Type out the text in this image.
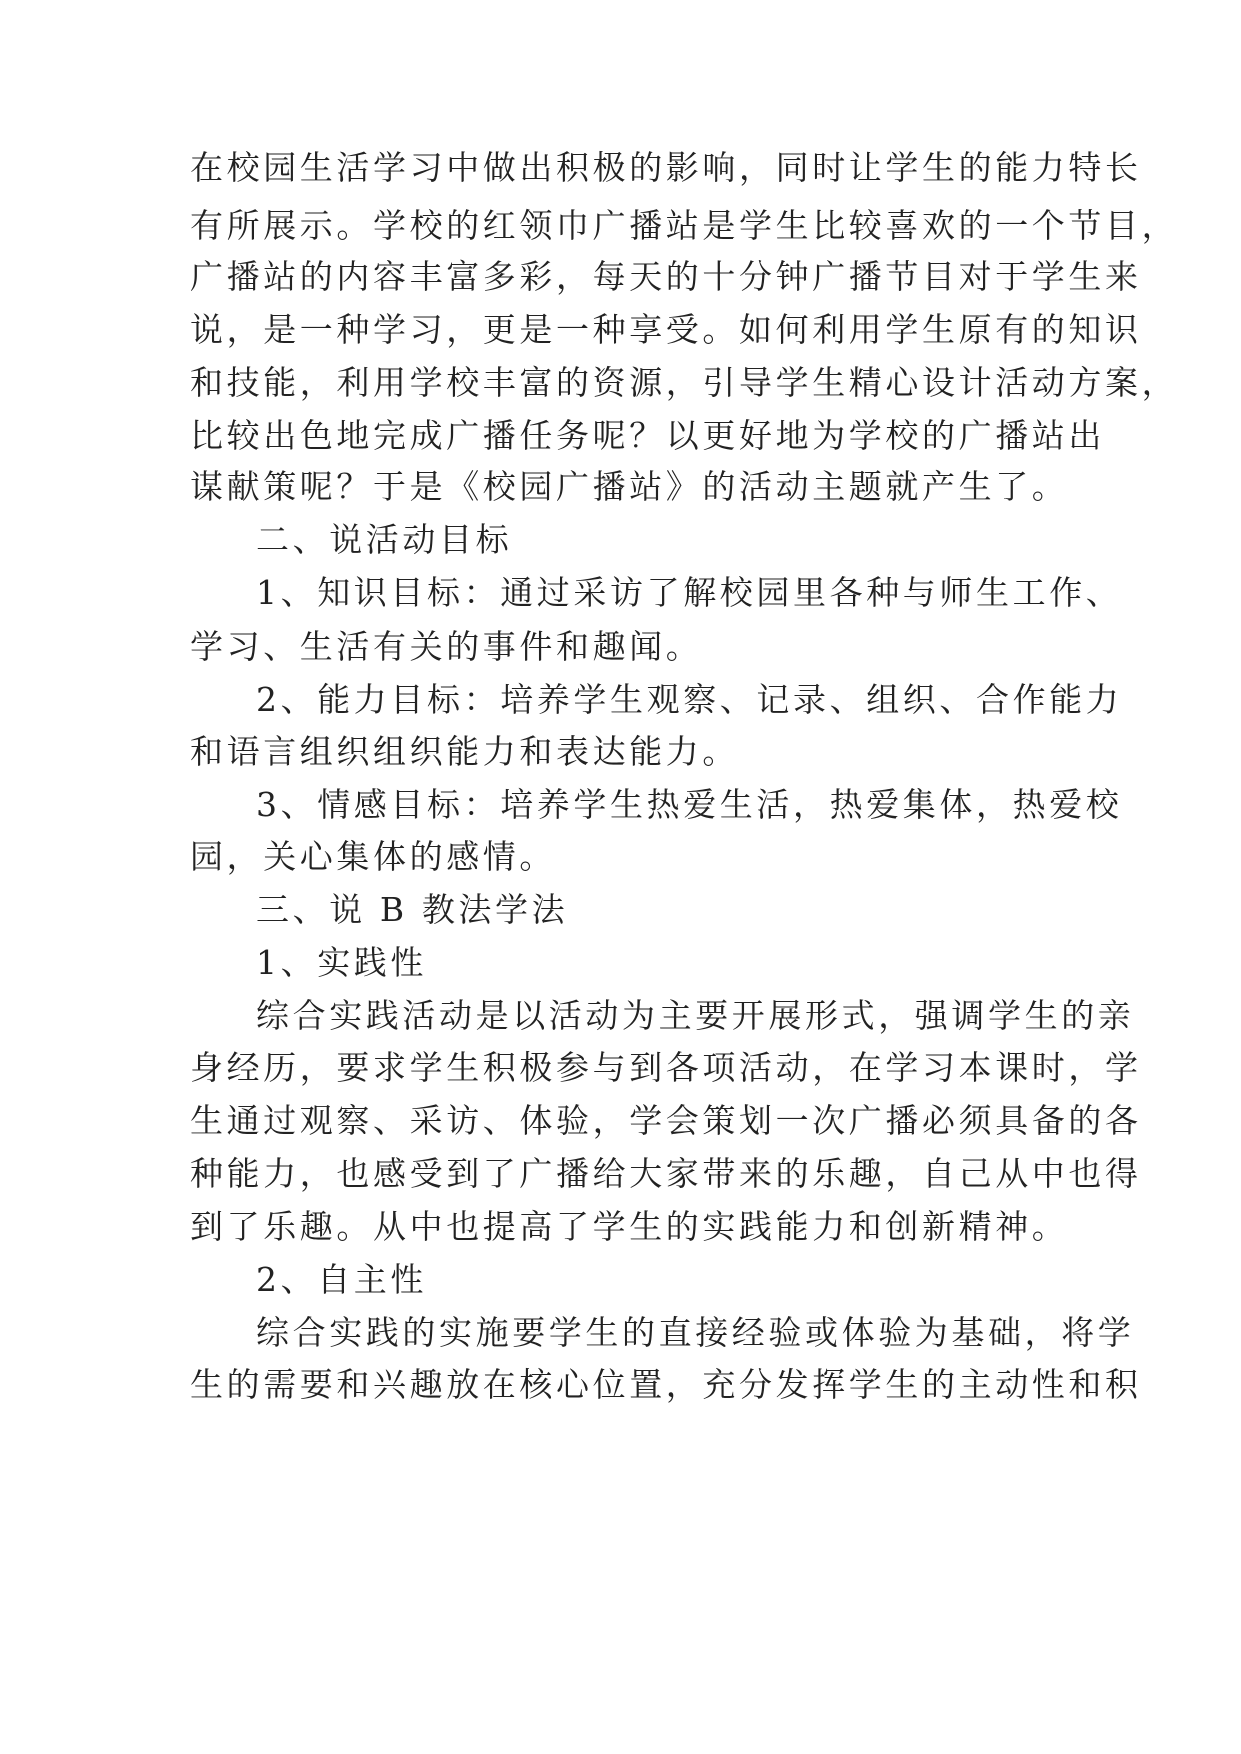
在校园生活学习中做出积极的影响，同时让学生的能力特长
有所展示。学校的红领巾广播站是学生比较喜欢的一个节目，
广播站的内容丰富多彩，每天的十分钟广播节目对于学生来
说，是一种学习，更是一种享受。如何利用学生原有的知识
和技能，利用学校丰富的资源，引导学生精心设计活动方案，
比较出色地完成广播任务呢？以更好地为学校的广播站出
谋献策呢？于是《校园广播站》的活动主题就产生了。
二、说活动目标
1、知识目标：通过采访了解校园里各种与师生工作、
学习、生活有关的事件和趣闻。
2、能力目标：培养学生观察、记录、组织、合作能力
和语言组织组织能力和表达能力。
3、情感目标：培养学生热爱生活，热爱集体，热爱校
园，关心集体的感情。
三、说 B 教法学法
1、实践性
综合实践活动是以活动为主要开展形式，强调学生的亲
身经历，要求学生积极参与到各项活动，在学习本课时，学
生通过观察、采访、体验，学会策划一次广播必须具备的各
种能力，也感受到了广播给大家带来的乐趣，自己从中也得
到了乐趣。从中也提高了学生的实践能力和创新精神。
2、自主性
综合实践的实施要学生的直接经验或体验为基础，将学
生的需要和兴趣放在核心位置，充分发挥学生的主动性和积
